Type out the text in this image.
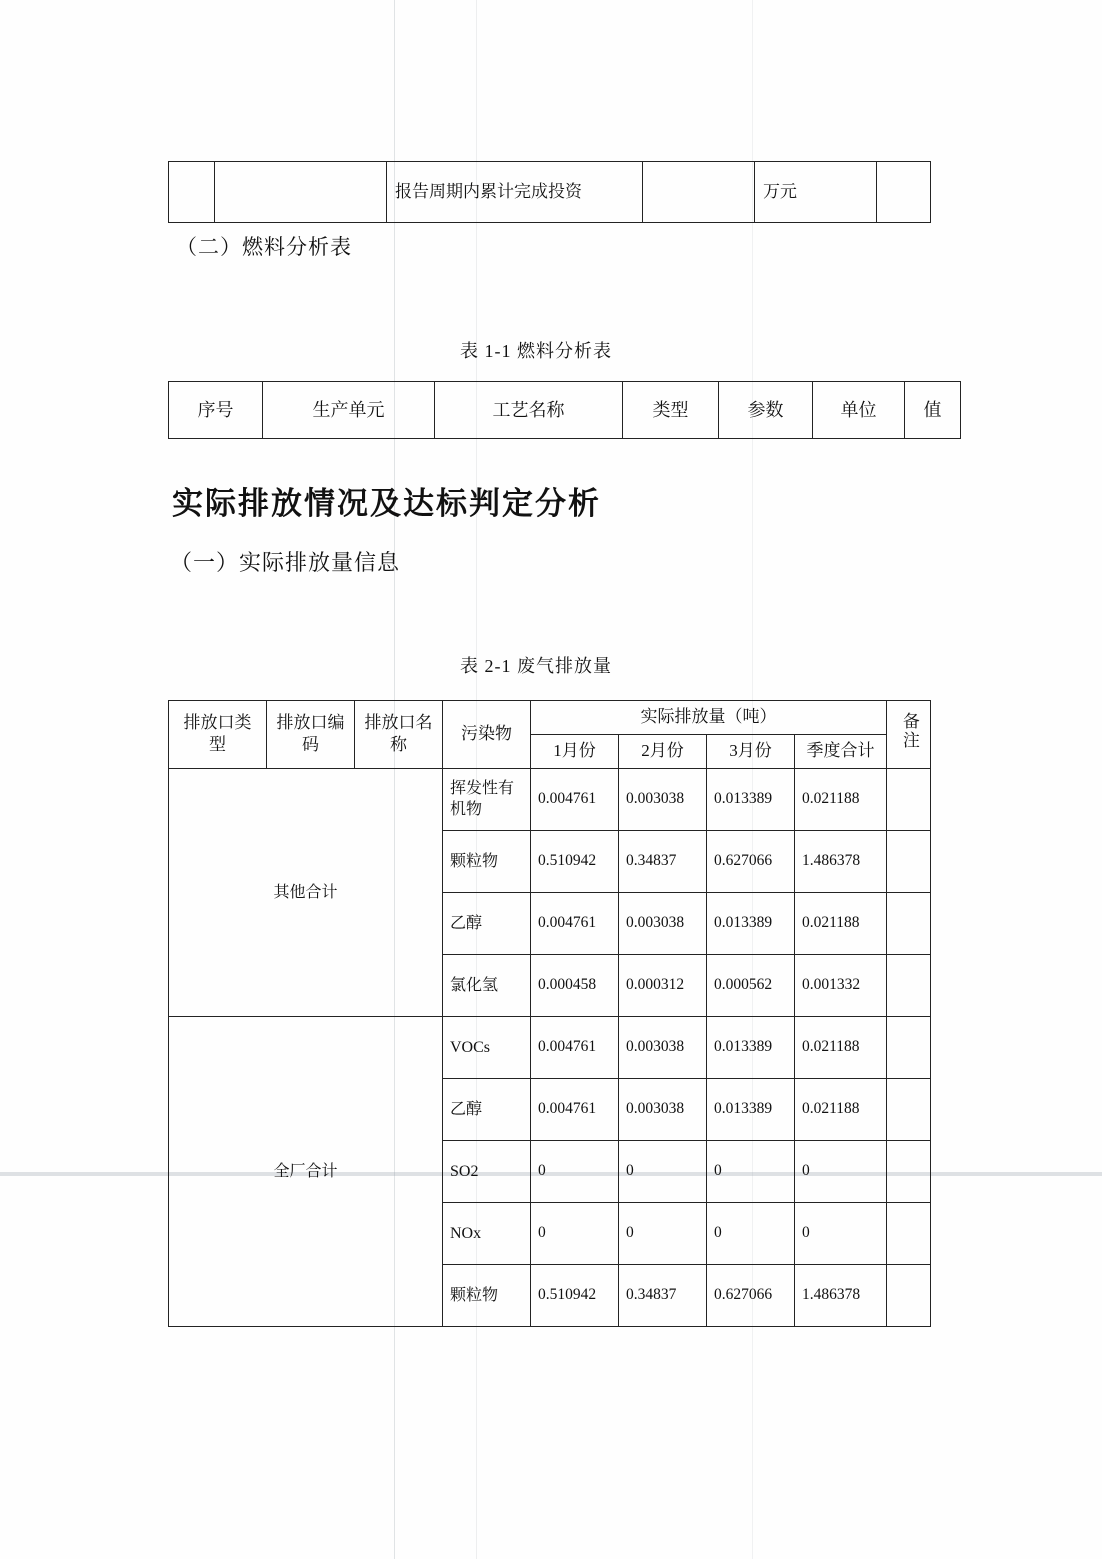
		报告周期内累计完成投资		万元	
（二）燃料分析表
表 1-1 燃料分析表
序号	生产单元	工艺名称	类型	参数	单位	值
实际排放情况及达标判定分析
（一）实际排放量信息
表 2-1 废气排放量
排放口类型	排放口编码	排放口名称	污染物	实际排放量（吨）				备注
				1月份	2月份	3月份	季度合计	
其他合计			挥发性有机物	0.004761	0.003038	0.013389	0.021188	
			颗粒物	0.510942	0.34837	0.627066	1.486378	
			乙醇	0.004761	0.003038	0.013389	0.021188	
			氯化氢	0.000458	0.000312	0.000562	0.001332	
全厂合计			VOCs	0.004761	0.003038	0.013389	0.021188	
			乙醇	0.004761	0.003038	0.013389	0.021188	
			SO2	0	0	0	0	
			NOx	0	0	0	0	
			颗粒物	0.510942	0.34837	0.627066	1.486378	
